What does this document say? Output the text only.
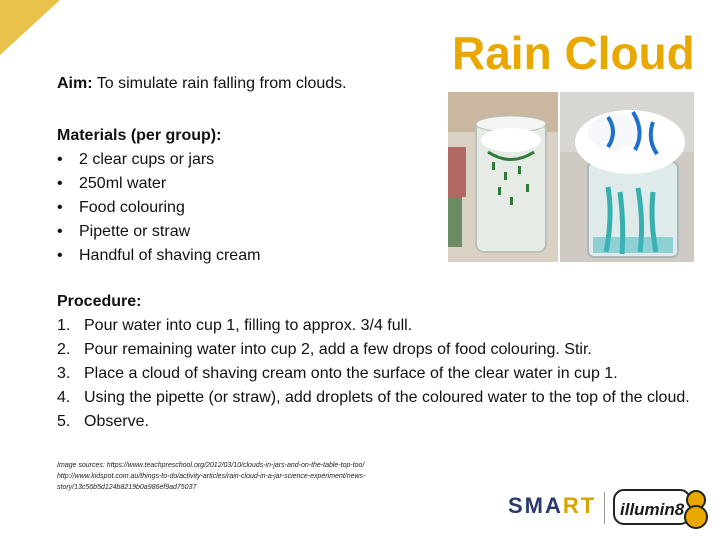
Rain Cloud
Aim: To simulate rain falling from clouds.
Materials (per group):
• 2 clear cups or jars
• 250ml water
• Food colouring
• Pipette or straw
• Handful of shaving cream
Procedure:
1. Pour water into cup 1, filling to approx. 3/4 full.
2. Pour remaining water into cup 2, add a few drops of food colouring. Stir.
3. Place a cloud of shaving cream onto the surface of the clear water in cup 1.
4. Using the pipette (or straw), add droplets of the coloured water to the top of the cloud.
5. Observe.
Image sources: https://www.teachpreschool.org/2012/03/10/clouds-in-jars-and-on-the-table-top-too/
http://www.kidspot.com.au/things-to-do/activity-articles/rain-cloud-in-a-jar-science-experiment/news-
story/13c56b5d124b8219b0a986ef9ad75037
SMART illumin8
